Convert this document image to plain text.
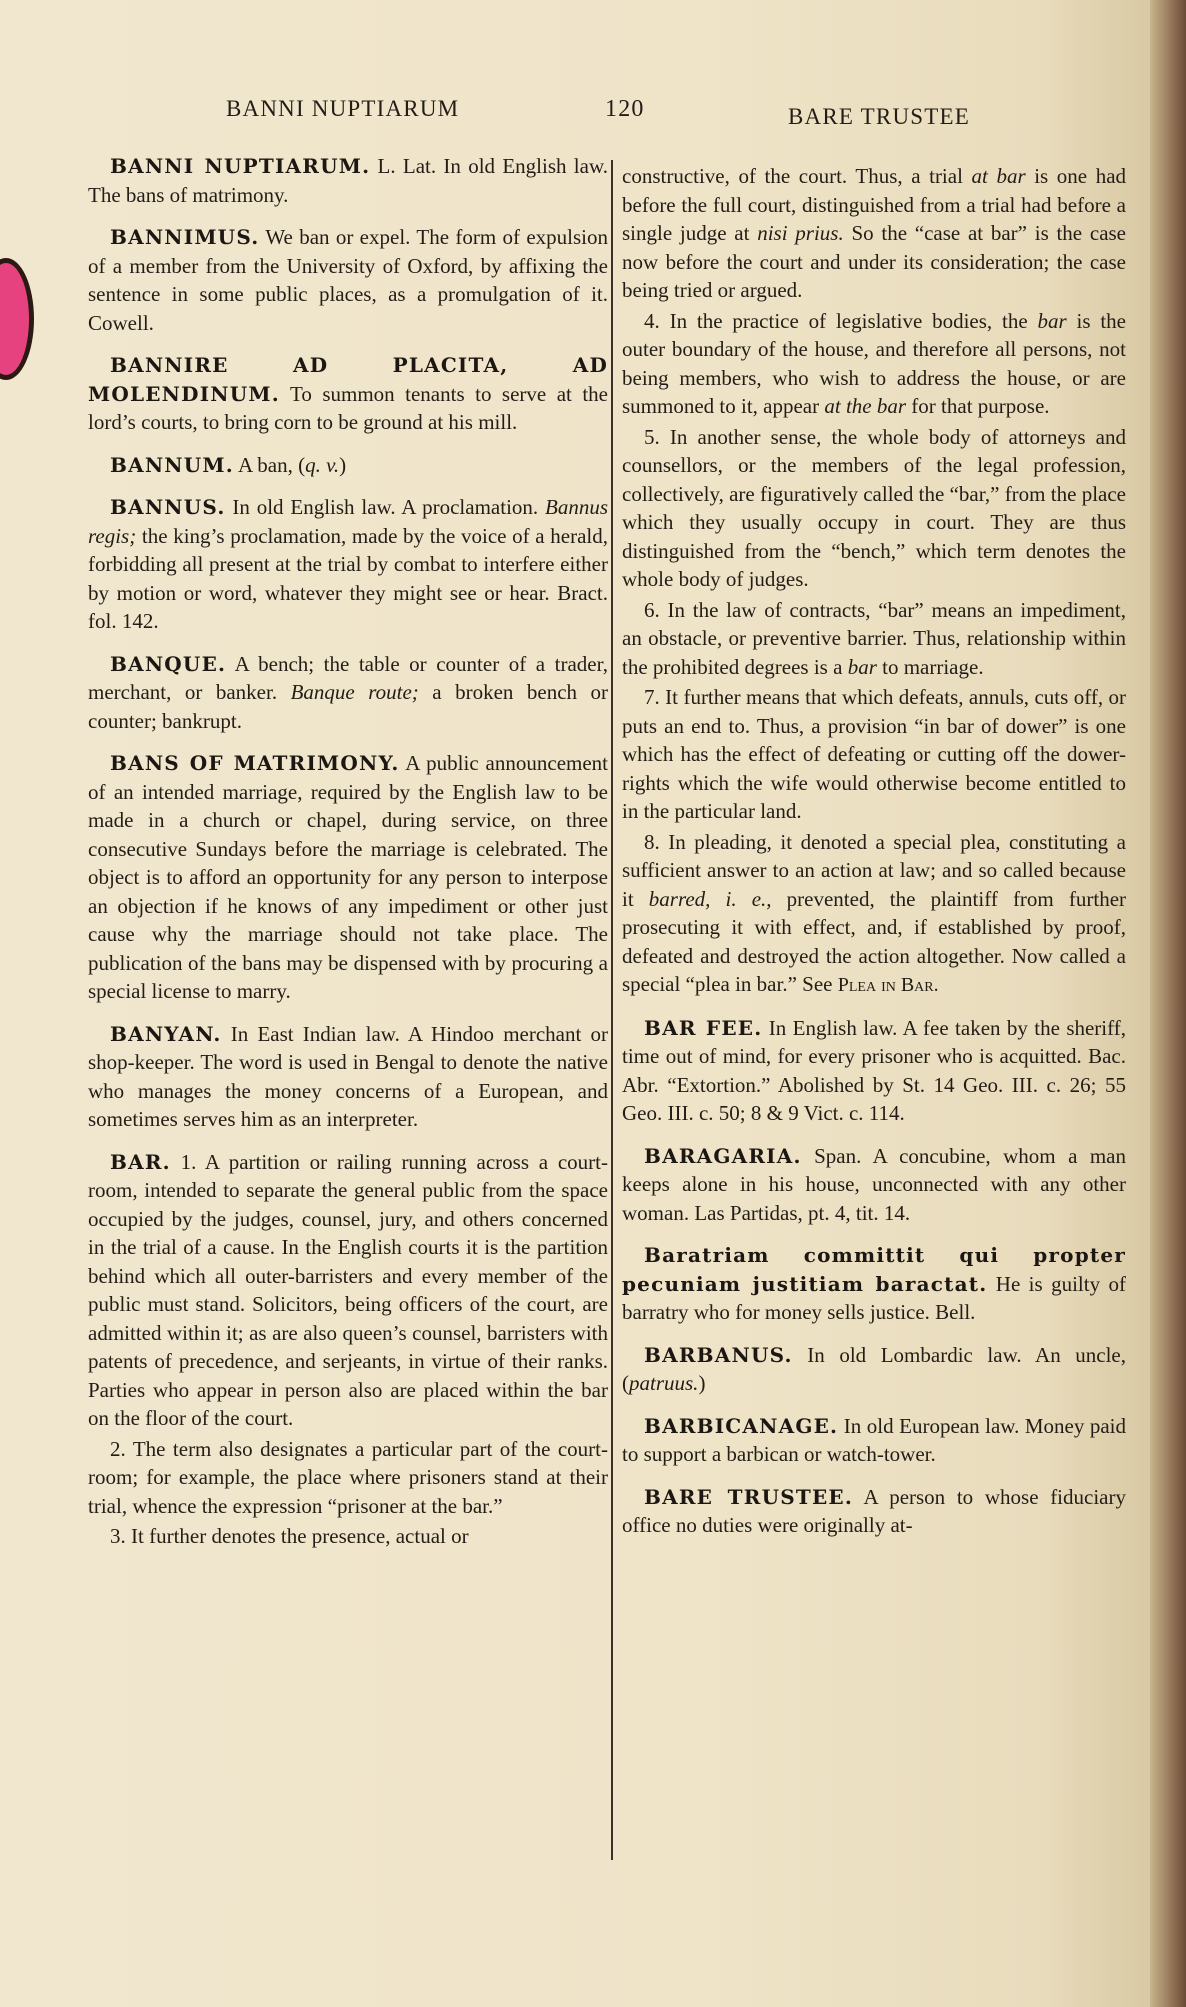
BANNI NUPTIARUM	120	BARE TRUSTEE

BANNI NUPTIARUM. L. Lat. In old English law. The bans of matrimony.

BANNIMUS. We ban or expel. The form of expulsion of a member from the University of Oxford, by affixing the sentence in some public places, as a promulgation of it. Cowell.

BANNIRE AD PLACITA, AD MOLENDINUM. To summon tenants to serve at the lord’s courts, to bring corn to be ground at his mill.

BANNUM. A ban, (q. v.)

BANNUS. In old English law. A proclamation. Bannus regis; the king’s proclamation, made by the voice of a herald, forbidding all present at the trial by combat to interfere either by motion or word, whatever they might see or hear. Bract. fol. 142.

BANQUE. A bench; the table or counter of a trader, merchant, or banker. Banque route; a broken bench or counter; bankrupt.

BANS OF MATRIMONY. A public announcement of an intended marriage, required by the English law to be made in a church or chapel, during service, on three consecutive Sundays before the marriage is celebrated. The object is to afford an opportunity for any person to interpose an objection if he knows of any impediment or other just cause why the marriage should not take place. The publication of the bans may be dispensed with by procuring a special license to marry.

BANYAN. In East Indian law. A Hindoo merchant or shop-keeper. The word is used in Bengal to denote the native who manages the money concerns of a European, and sometimes serves him as an interpreter.

BAR. 1. A partition or railing running across a court-room, intended to separate the general public from the space occupied by the judges, counsel, jury, and others concerned in the trial of a cause. In the English courts it is the partition behind which all outer-barristers and every member of the public must stand. Solicitors, being officers of the court, are admitted within it; as are also queen’s counsel, barristers with patents of precedence, and serjeants, in virtue of their ranks. Parties who appear in person also are placed within the bar on the floor of the court.

2. The term also designates a particular part of the court-room; for example, the place where prisoners stand at their trial, whence the expression “prisoner at the bar.”

3. It further denotes the presence, actual or

constructive, of the court. Thus, a trial at bar is one had before the full court, distinguished from a trial had before a single judge at nisi prius. So the “case at bar” is the case now before the court and under its consideration; the case being tried or argued.

4. In the practice of legislative bodies, the bar is the outer boundary of the house, and therefore all persons, not being members, who wish to address the house, or are summoned to it, appear at the bar for that purpose.

5. In another sense, the whole body of attorneys and counsellors, or the members of the legal profession, collectively, are figuratively called the “bar,” from the place which they usually occupy in court. They are thus distinguished from the “bench,” which term denotes the whole body of judges.

6. In the law of contracts, “bar” means an impediment, an obstacle, or preventive barrier. Thus, relationship within the prohibited degrees is a bar to marriage.

7. It further means that which defeats, annuls, cuts off, or puts an end to. Thus, a provision “in bar of dower” is one which has the effect of defeating or cutting off the dower-rights which the wife would otherwise become entitled to in the particular land.

8. In pleading, it denoted a special plea, constituting a sufficient answer to an action at law; and so called because it barred, i. e., prevented, the plaintiff from further prosecuting it with effect, and, if established by proof, defeated and destroyed the action altogether. Now called a special “plea in bar.” See Plea in Bar.

BAR FEE. In English law. A fee taken by the sheriff, time out of mind, for every prisoner who is acquitted. Bac. Abr. “Extortion.” Abolished by St. 14 Geo. III. c. 26; 55 Geo. III. c. 50; 8 & 9 Vict. c. 114.

BARAGARIA. Span. A concubine, whom a man keeps alone in his house, unconnected with any other woman. Las Partidas, pt. 4, tit. 14.

Baratriam committit qui propter pecuniam justitiam baractat. He is guilty of barratry who for money sells justice. Bell.

BARBANUS. In old Lombardic law. An uncle, (patruus.)

BARBICANAGE. In old European law. Money paid to support a barbican or watch-tower.

BARE TRUSTEE. A person to whose fiduciary office no duties were originally at-
